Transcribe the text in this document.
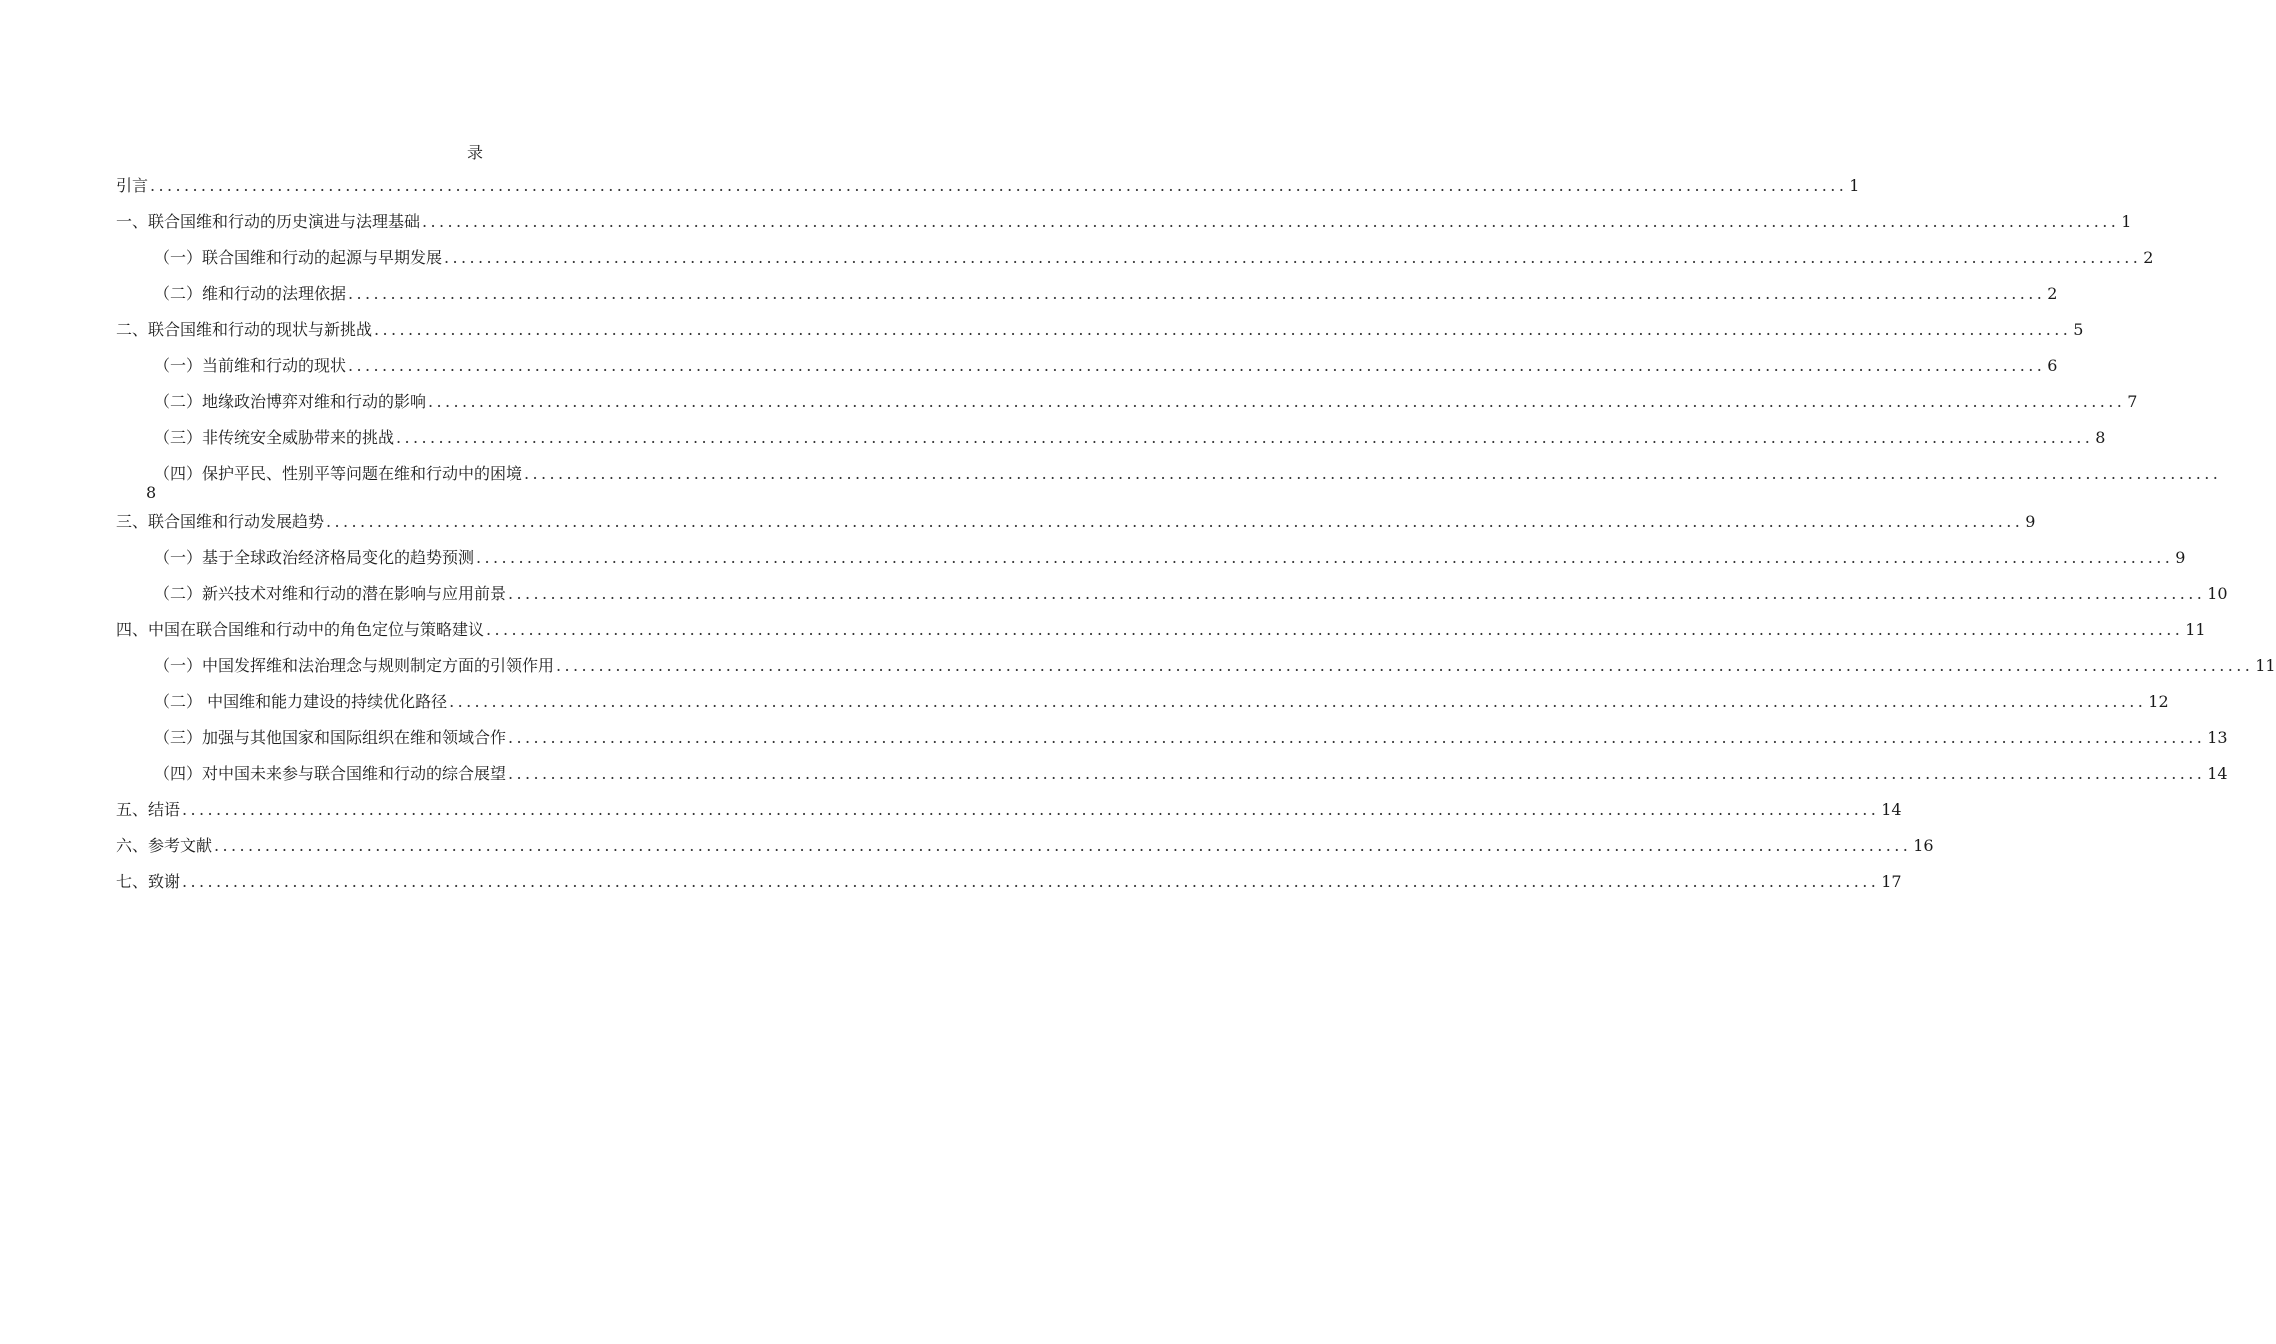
录
引言 ........................................................................................................................................................................................................ 1
一、联合国维和行动的历史演进与法理基础 ........................................................................................................................................................................................................ 1
（一）联合国维和行动的起源与早期发展 ........................................................................................................................................................................................................ 2
（二）维和行动的法理依据 ........................................................................................................................................................................................................ 2
二、联合国维和行动的现状与新挑战 ........................................................................................................................................................................................................ 5
（一）当前维和行动的现状 ........................................................................................................................................................................................................ 6
（二）地缘政治博弈对维和行动的影响 ........................................................................................................................................................................................................ 7
（三）非传统安全威胁带来的挑战 ........................................................................................................................................................................................................ 8
（四）保护平民、性别平等问题在维和行动中的困境 ........................................................................................................................................................................................................
8
三、联合国维和行动发展趋势 ........................................................................................................................................................................................................ 9
（一）基于全球政治经济格局变化的趋势预测 ........................................................................................................................................................................................................ 9
（二）新兴技术对维和行动的潜在影响与应用前景 ........................................................................................................................................................................................................ 10
四、中国在联合国维和行动中的角色定位与策略建议 ........................................................................................................................................................................................................ 11
（一）中国发挥维和法治理念与规则制定方面的引领作用 ........................................................................................................................................................................................................ 11
（二） 中国维和能力建设的持续优化路径 ........................................................................................................................................................................................................ 12
（三）加强与其他国家和国际组织在维和领域合作 ........................................................................................................................................................................................................ 13
（四）对中国未来参与联合国维和行动的综合展望 ........................................................................................................................................................................................................ 14
五、结语 ........................................................................................................................................................................................................ 14
六、参考文献 ........................................................................................................................................................................................................ 16
七、致谢 ........................................................................................................................................................................................................ 17
